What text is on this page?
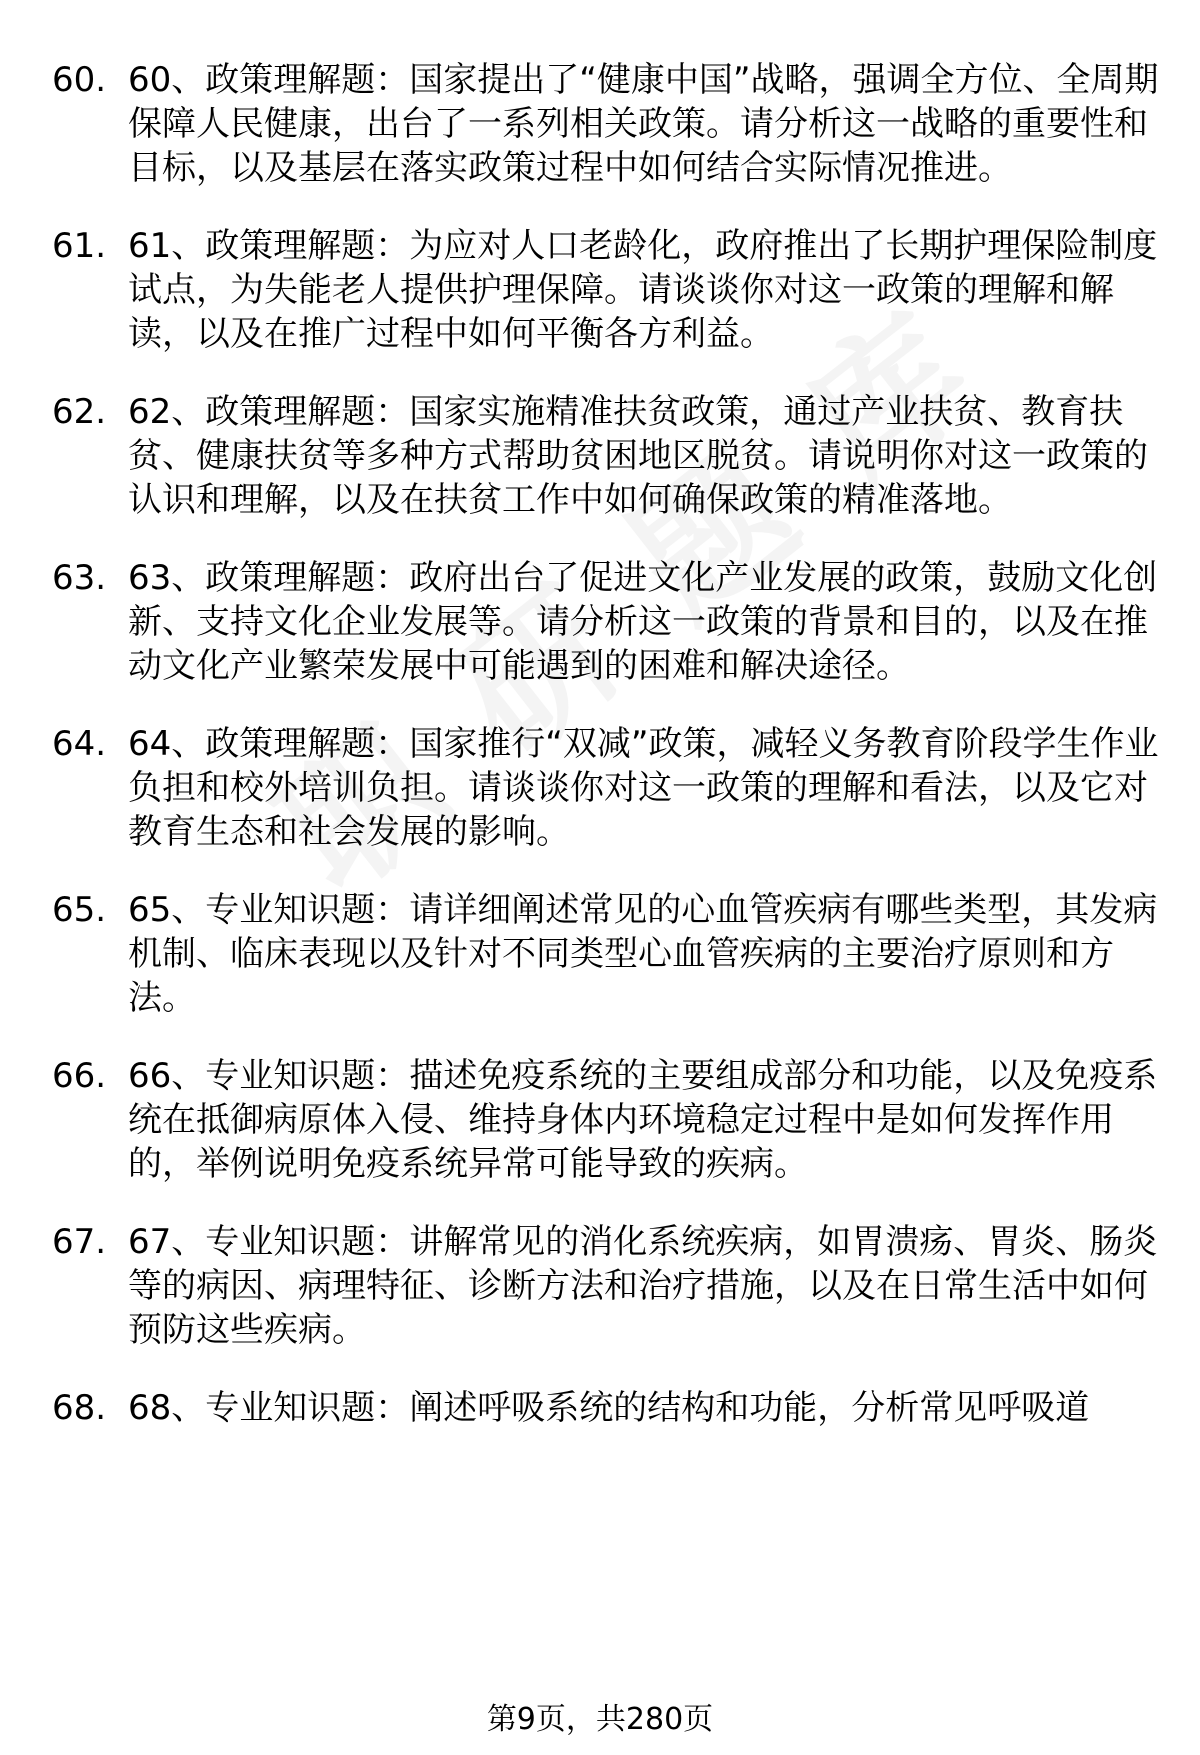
60. 60、政策理解题：国家提出了“健康中国”战略，强调全方位、全周期保障人民健康，出台了一系列相关政策。请分析这一战略的重要性和目标，以及基层在落实政策过程中如何结合实际情况推进。
61. 61、政策理解题：为应对人口老龄化，政府推出了长期护理保险制度试点，为失能老人提供护理保障。请谈谈你对这一政策的理解和解读，以及在推广过程中如何平衡各方利益。
62. 62、政策理解题：国家实施精准扶贫政策，通过产业扶贫、教育扶贫、健康扶贫等多种方式帮助贫困地区脱贫。请说明你对这一政策的认识和理解，以及在扶贫工作中如何确保政策的精准落地。
63. 63、政策理解题：政府出台了促进文化产业发展的政策，鼓励文化创新、支持文化企业发展等。请分析这一政策的背景和目的，以及在推动文化产业繁荣发展中可能遇到的困难和解决途径。
64. 64、政策理解题：国家推行“双减”政策，减轻义务教育阶段学生作业负担和校外培训负担。请谈谈你对这一政策的理解和看法，以及它对教育生态和社会发展的影响。
65. 65、专业知识题：请详细阐述常见的心血管疾病有哪些类型，其发病机制、临床表现以及针对不同类型心血管疾病的主要治疗原则和方法。
66. 66、专业知识题：描述免疫系统的主要组成部分和功能，以及免疫系统在抵御病原体入侵、维持身体内环境稳定过程中是如何发挥作用的，举例说明免疫系统异常可能导致的疾病。
67. 67、专业知识题：讲解常见的消化系统疾病，如胃溃疡、胃炎、肠炎等的病因、病理特征、诊断方法和治疗措施，以及在日常生活中如何预防这些疾病。
68. 68、专业知识题：阐述呼吸系统的结构和功能，分析常见呼吸道
第9页，共280页
